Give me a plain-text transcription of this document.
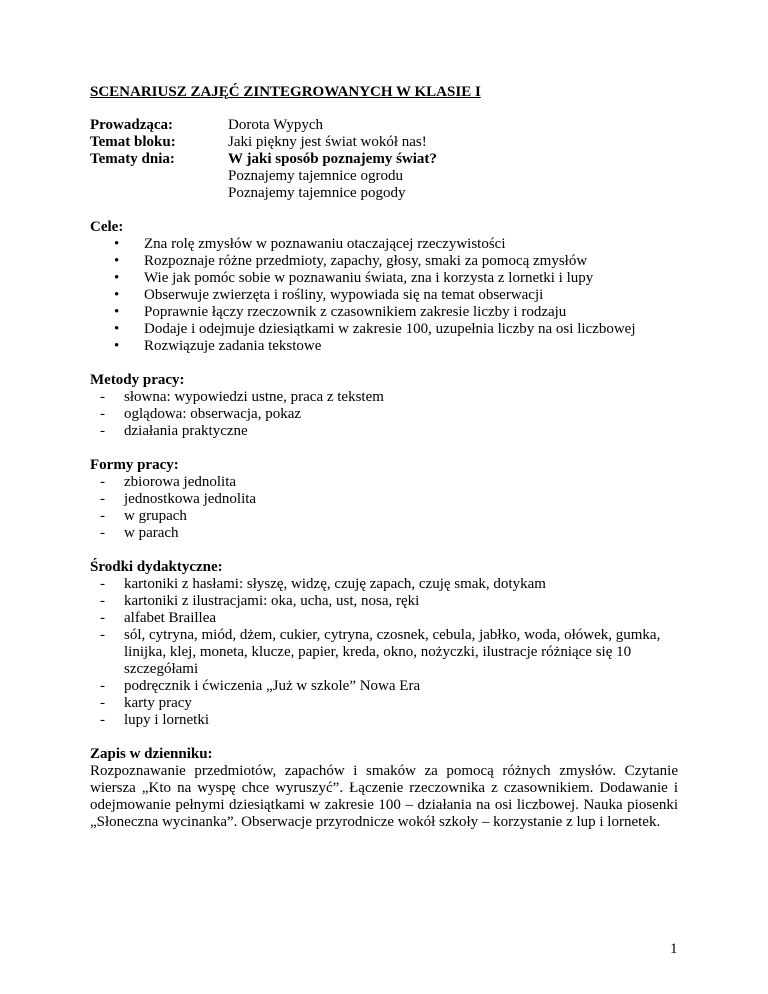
SCENARIUSZ ZAJĘĆ ZINTEGROWANYCH W KLASIE I
Prowadząca:	Dorota Wypych
Temat bloku:	Jaki piękny jest świat wokół nas!
Tematy dnia:	W jaki sposób poznajemy świat?
Poznajemy tajemnice ogrodu
Poznajemy tajemnice pogody
Cele:
• Zna rolę zmysłów w poznawaniu otaczającej rzeczywistości
• Rozpoznaje różne przedmioty, zapachy, głosy, smaki za pomocą zmysłów
• Wie jak pomóc sobie w poznawaniu świata, zna i korzysta z lornetki i lupy
• Obserwuje zwierzęta i rośliny, wypowiada się na temat obserwacji
• Poprawnie łączy rzeczownik z czasownikiem zakresie liczby i rodzaju
• Dodaje i odejmuje dziesiątkami w zakresie 100, uzupełnia liczby na osi liczbowej
• Rozwiązuje zadania tekstowe
Metody pracy:
- słowna: wypowiedzi ustne, praca z tekstem
- oglądowa: obserwacja, pokaz
- działania praktyczne
Formy pracy:
- zbiorowa jednolita
- jednostkowa jednolita
- w grupach
- w parach
Środki dydaktyczne:
- kartoniki z hasłami: słyszę, widzę, czuję zapach, czuję smak, dotykam
- kartoniki z ilustracjami: oka, ucha, ust, nosa, ręki
- alfabet Braillea
- sól, cytryna, miód, dżem, cukier, cytryna, czosnek, cebula, jabłko, woda, ołówek, gumka, linijka, klej, moneta, klucze, papier, kreda, okno, nożyczki, ilustracje różniące się 10 szczegółami
- podręcznik i ćwiczenia „Już w szkole” Nowa Era
- karty pracy
- lupy i lornetki
Zapis w dzienniku:
Rozpoznawanie przedmiotów, zapachów i smaków za pomocą różnych zmysłów. Czytanie wiersza „Kto na wyspę chce wyruszyć”. Łączenie rzeczownika z czasownikiem. Dodawanie i odejmowanie pełnymi dziesiątkami w zakresie 100 – działania na osi liczbowej. Nauka piosenki „Słoneczna wycinanka”. Obserwacje przyrodnicze wokół szkoły – korzystanie z lup i lornetek.
1
